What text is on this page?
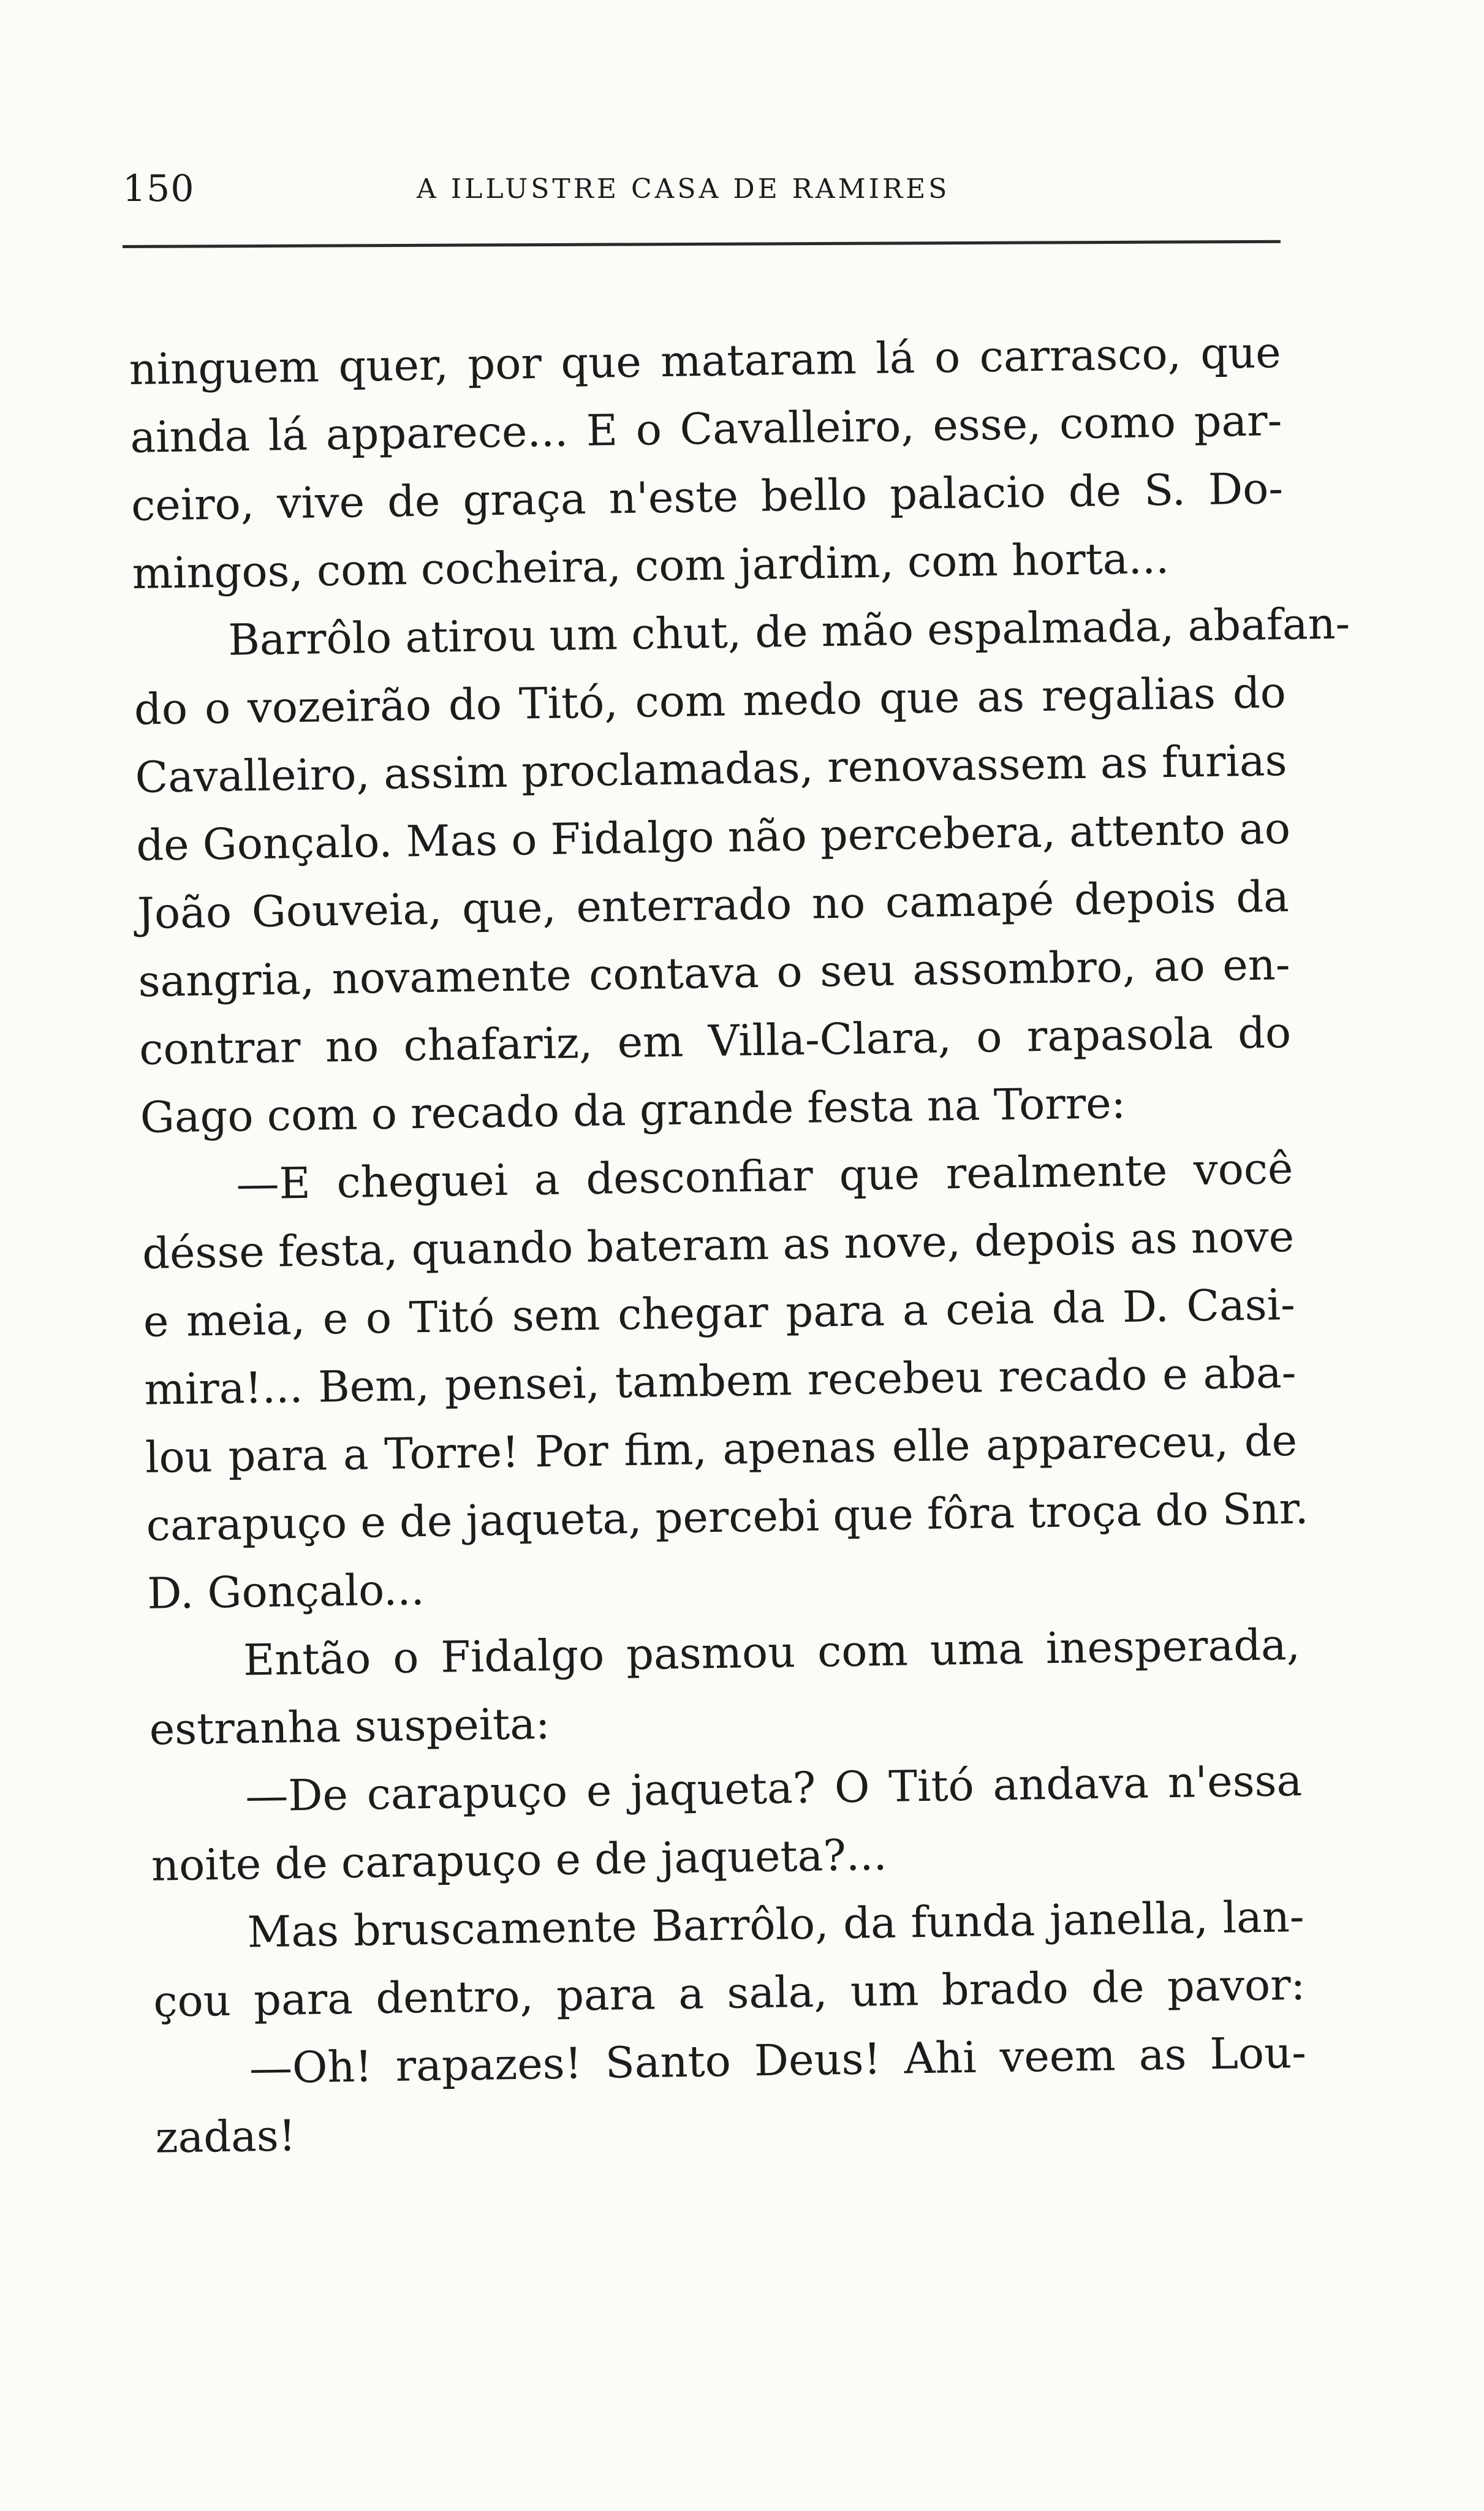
150	A ILLUSTRE CASA DE RAMIRES
ninguem quer, por que mataram lá o carrasco, que
ainda lá apparece... E o Cavalleiro, esse, como par-
ceiro, vive de graça n'este bello palacio de S. Do-
mingos, com cocheira, com jardim, com horta...
Barrôlo atirou um chut, de mão espalmada, abafan-
do o vozeirão do Titó, com medo que as regalias do
Cavalleiro, assim proclamadas, renovassem as furias
de Gonçalo. Mas o Fidalgo não percebera, attento ao
João Gouveia, que, enterrado no camapé depois da
sangria, novamente contava o seu assombro, ao en-
contrar no chafariz, em Villa-Clara, o rapasola do
Gago com o recado da grande festa na Torre:
—E cheguei a desconfiar que realmente você
désse festa, quando bateram as nove, depois as nove
e meia, e o Titó sem chegar para a ceia da D. Casi-
mira!... Bem, pensei, tambem recebeu recado e aba-
lou para a Torre! Por fim, apenas elle appareceu, de
carapuço e de jaqueta, percebi que fôra troça do Snr.
D. Gonçalo...
Então o Fidalgo pasmou com uma inesperada,
estranha suspeita:
—De carapuço e jaqueta? O Titó andava n'essa
noite de carapuço e de jaqueta?...
Mas bruscamente Barrôlo, da funda janella, lan-
çou para dentro, para a sala, um brado de pavor:
—Oh! rapazes! Santo Deus! Ahi veem as Lou-
zadas!
